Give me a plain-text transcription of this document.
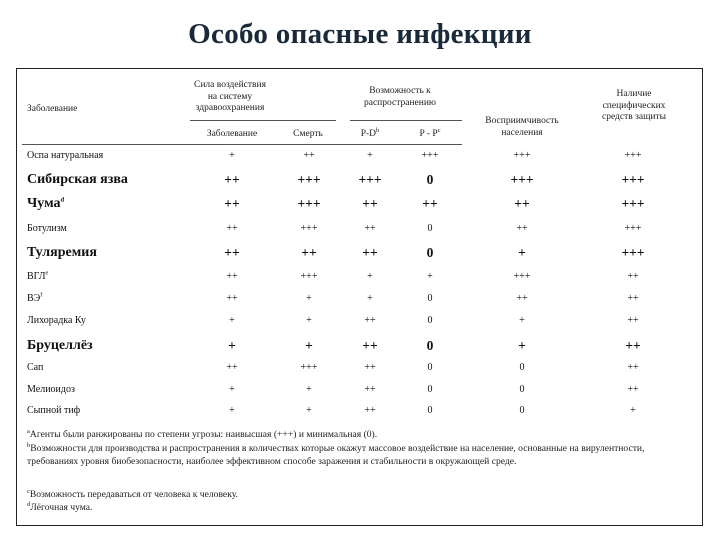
Особо опасные инфекции
Заболевание
Сила воздействия
на систему
здравоохранения
Заболевание	Смерть
Возможность к
распространению
$P-D^b$	P - $P^c$
Восприимчивость
населения
Наличие
специфических
средств защиты
Оспа натуральная	+	++	+	+++	+++	+++
Сибирская язва	++	+++	+++	0	+++	+++
Чума$^d$	++	+++	++	++	++	+++
Ботулизм	++	+++	++	0	++	+++
Туляремия	++	++	++	0	+	+++
$ВГЛ^e$	++	+++	+	+	+++	++
$ВЭ^f$	++	+	+	0	++	++
Лихорадка Ку	+	+	++	0	+	++
Бруцеллёз	+	+	++	0	+	++
Сап	++	+++	++	0	0	++
Мелиоидоз	+	+	++	0	0	++
Сыпной тиф	+	+	++	0	0	+
$^a$Агенты были ранжированы по степени угрозы: наивысшая (+++) и минимальная (0).
$^b$Возможности для производства и распространения в количествах которые окажут массовое воздействие на население, основанные на вирулентности, требованиях уровня биобезопасности, наиболее эффективном способе заражения и стабильности в окружающей среде.
$^c$Возможность передаваться от человека к человеку.
$^d$Лёгочная чума.
